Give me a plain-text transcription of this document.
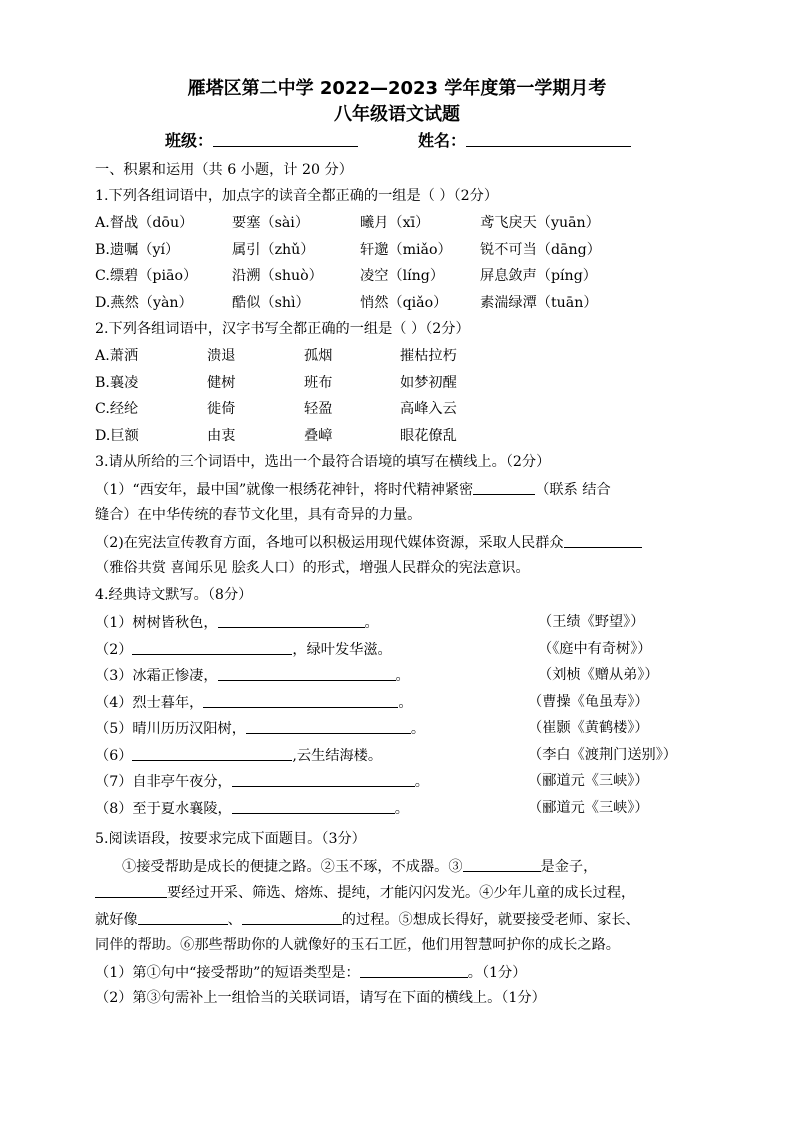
雁塔区第二中学 2022—2023 学年度第一学期月考
八年级语文试题
班级：	姓名：
一、积累和运用（共 6 小题，计 20 分）
1.下列各组词语中，加点字的读音全都正确的一组是（ ）（2分）
A.督战（dōu）	要塞（sài）	曦月（xī）	鸢飞戾天（yuān）
B.遗嘱（yí）	属引（zhǔ）	轩邈（miǎo） 锐不可当（dāng）
C.缥碧（piāo） 沿溯（shuò）	凌空（líng）	屏息敛声（píng）
D.燕然（yàn）	酷似（shì）	悄然（qiǎo） 素湍绿潭（tuān）
2.下列各组词语中，汉字书写全都正确的一组是（ ）（2分）
A.萧洒	溃退	孤烟	摧枯拉朽
B.襄凌	健树	班布	如梦初醒
C.经纶	徙倚	轻盈	高峰入云
D.巨额	由衷	叠嶂	眼花僚乱
3.请从所给的三个词语中，选出一个最符合语境的填写在横线上。（2分）
（1）“西安年，最中国”就像一根绣花神针，将时代精神紧密	（联系 结合
缝合）在中华传统的春节文化里，具有奇异的力量。
（2)在宪法宣传教育方面，各地可以积极运用现代媒体资源，采取人民群众
（雅俗共赏 喜闻乐见 脍炙人口）的形式，增强人民群众的宪法意识。
4.经典诗文默写。（8分）
（1）树树皆秋色，	。	（王绩《野望》）
（2）	，绿叶发华滋。	（《庭中有奇树》）
（3）冰霜正惨凄，	。	（刘桢《赠从弟》）
（4）烈士暮年，	。	（曹操《龟虽寿》）
（5）晴川历历汉阳树，	。	（崔颢《黄鹤楼》）
（6）	,云生结海楼。	（李白《渡荆门送别》）
（7）自非亭午夜分，	。	（郦道元《三峡》）
（8）至于夏水襄陵，	。	（郦道元《三峡》）
5.阅读语段，按要求完成下面题目。（3分）
①接受帮助是成长的便捷之路。②玉不琢，不成器。③	是金子，
要经过开采、筛选、熔炼、提纯，才能闪闪发光。④少年儿童的成长过程，
就好像	、	的过程。⑤想成长得好，就要接受老师、家长、
同伴的帮助。⑥那些帮助你的人就像好的玉石工匠，他们用智慧呵护你的成长之路。
（1）第①句中“接受帮助”的短语类型是：	。（1分）
（2）第③句需补上一组恰当的关联词语，请写在下面的横线上。（1分）
